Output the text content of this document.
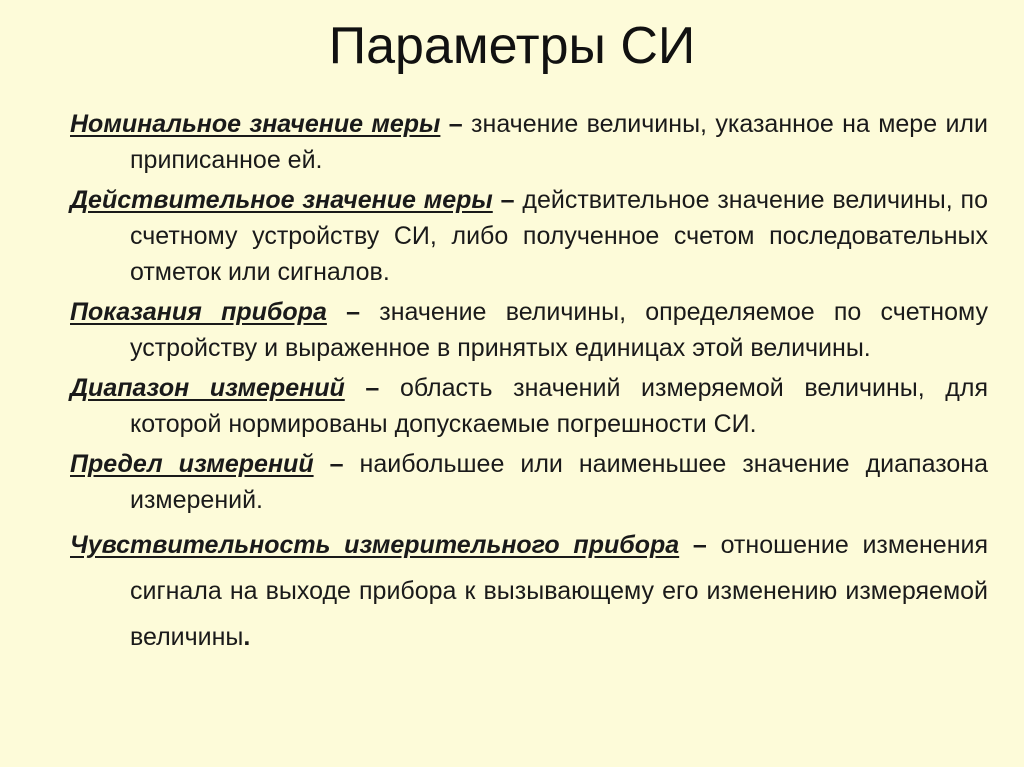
Параметры СИ
Номинальное значение меры – значение величины, указанное на мере или приписанное ей.
Действительное значение меры – действительное значение величины, по счетному устройству СИ, либо полученное счетом последовательных отметок или сигналов.
Показания прибора – значение величины, определяемое по счетному устройству и выраженное в принятых единицах этой величины.
Диапазон измерений – область значений измеряемой величины, для которой нормированы допускаемые погрешности СИ.
Предел измерений – наибольшее или наименьшее значение диапазона измерений.
Чувствительность измерительного прибора – отношение изменения сигнала на выходе прибора к вызывающему его изменению измеряемой величины.
